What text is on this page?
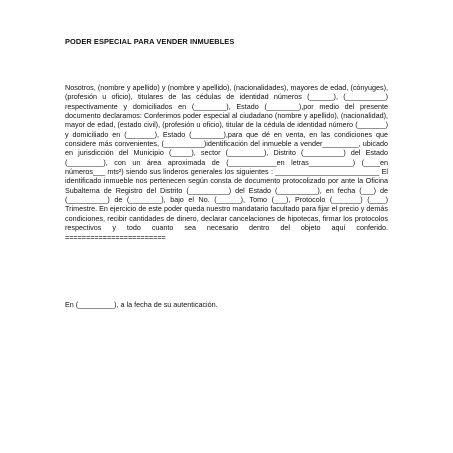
PODER ESPECIAL PARA VENDER INMUEBLES

Nosotros, (nombre y apellido) y (nombre y apellido), (nacionalidades), mayores de edad, (cónyuges), (profesión u oficio), titulares de las cédulas de identidad números (______), (__________) respectivamente y domiciliados en (________), Estado (________),por medio del presente documento declaramos: Conferimos poder especial al ciudadano (nombre y apellido), (nacionalidad), mayor de edad, (estado civil), (profesión u oficio), titular de la cédula de identidad número (_______) y domiciliado en (_______), Estado (________),para que dé en venta, en las condiciones que considere más convenientes, (__________)identificación del inmueble a vender_________, ubicado en jurisdicción del Municipio (_____), sector (_________), Distrito (__________) del Estado (_________), con un área aproximada de (____________en letras___________) (____en números___ mts²) siendo sus linderos generales los siguientes : __________________________ El identificado inmueble nos pertenecen según consta de documento protocolizado por ante la Oficina Subalterna de Registro del Distrito (__________) del Estado (__________), en fecha (___) de (__________) de (________), bajo el No. (______), Tomo (___), Protocolo (_______) (____) Trimestre. En ejercicio de este poder queda nuestro mandatario facultado para fijar el precio y demás condiciones, recibir cantidades de dinero, declarar cancelaciones de hipotecas, firmar los protocolos respectivos y todo cuanto sea necesario dentro del objeto aquí conferido. ========================

En (_________), a la fecha de su autenticación.
